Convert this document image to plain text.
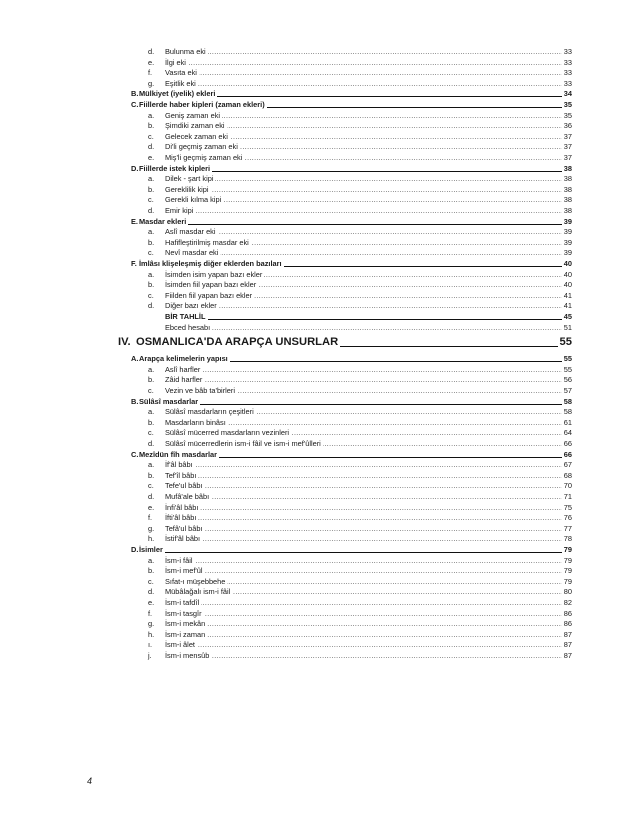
d. ..... Bulunma eki	33
e. ..... İlgi eki	33
f. ..... Vasıta eki	33
g. ..... Eşitlik eki	33
B. Mülkiyet (iyelik) ekleri	34
C. Fiillerde haber kipleri (zaman ekleri)	35
a. ..... Geniş zaman eki	35
b. ..... Şimdiki zaman eki	36
c. ..... Gelecek zaman eki	37
d. ..... Di'li geçmiş zaman eki	37
e. ..... Miş'li geçmiş zaman eki	37
D. Fiillerde istek kipleri	38
a. ..... Dilek - şart kipi	38
b. ..... Gereklilik kipi	38
c. ..... Gerekli kılma kipi	38
d. ..... Emir kipi	38
E. Masdar ekleri	39
a. ..... Aslî masdar eki	39
b. ..... Hafifleştirilmiş masdar eki	39
c. ..... Nevî masdar eki	39
F. İmlâsı klişeleşmiş diğer eklerden bazıları	40
a. ..... İsimden isim yapan bazı ekler	40
b. ..... İsimden fiil yapan bazı ekler	40
c. ..... Fiilden fiil yapan bazı ekler	41
d. ..... Diğer bazı ekler	41
BİR TAHLİL	45
.....
Ebced hesabı	51
IV. OSMANLICA'DA ARAPÇA UNSURLAR	55
A. Arapça kelimelerin yapısı	55
a. ..... Aslî harfler	55
b. ..... Zâid harfler	56
c. ..... Vezin ve bâb ta'birleri	57
B. Sülâsî masdarlar	58
a. ..... Sülâsî masdarların çeşitleri	58
b. ..... Masdarların binâsı	61
c. ..... Sülâsî mücerred masdarların vezinleri	64
d. ..... Sülâsî mücerredlerin ism-i fâil ve ism-i mef'ûlleri	66
C. Mezîdün fîh masdarlar	66
a. ..... İf'âl bâbı	67
b. ..... Tef'îl bâbı	68
c. ..... Tefe'ul bâbı	70
d. ..... Mufâ'ale bâbı	71
e. ..... İnfi'âl bâbı	75
f. ..... İfti'âl bâbı	76
g. ..... Tefâ'ul bâbı	77
h. ..... İstif'âl bâbı	78
D. İsimler	79
a. ..... İsm-i fâil	79
b. ..... İsm-i mef'ûl	79
c. ..... Sıfat-ı müşebbehe	79
d. ..... Mübâlağalı ism-i fâil	80
e. ..... İsm-i tafdîl	82
f. ..... İsm-i tasgîr	86
g. ..... İsm-i mekân	86
h. ..... İsm-i zaman	87
ı. ..... İsm-i âlet	87
j. ..... İsm-i mensûb	87
4
